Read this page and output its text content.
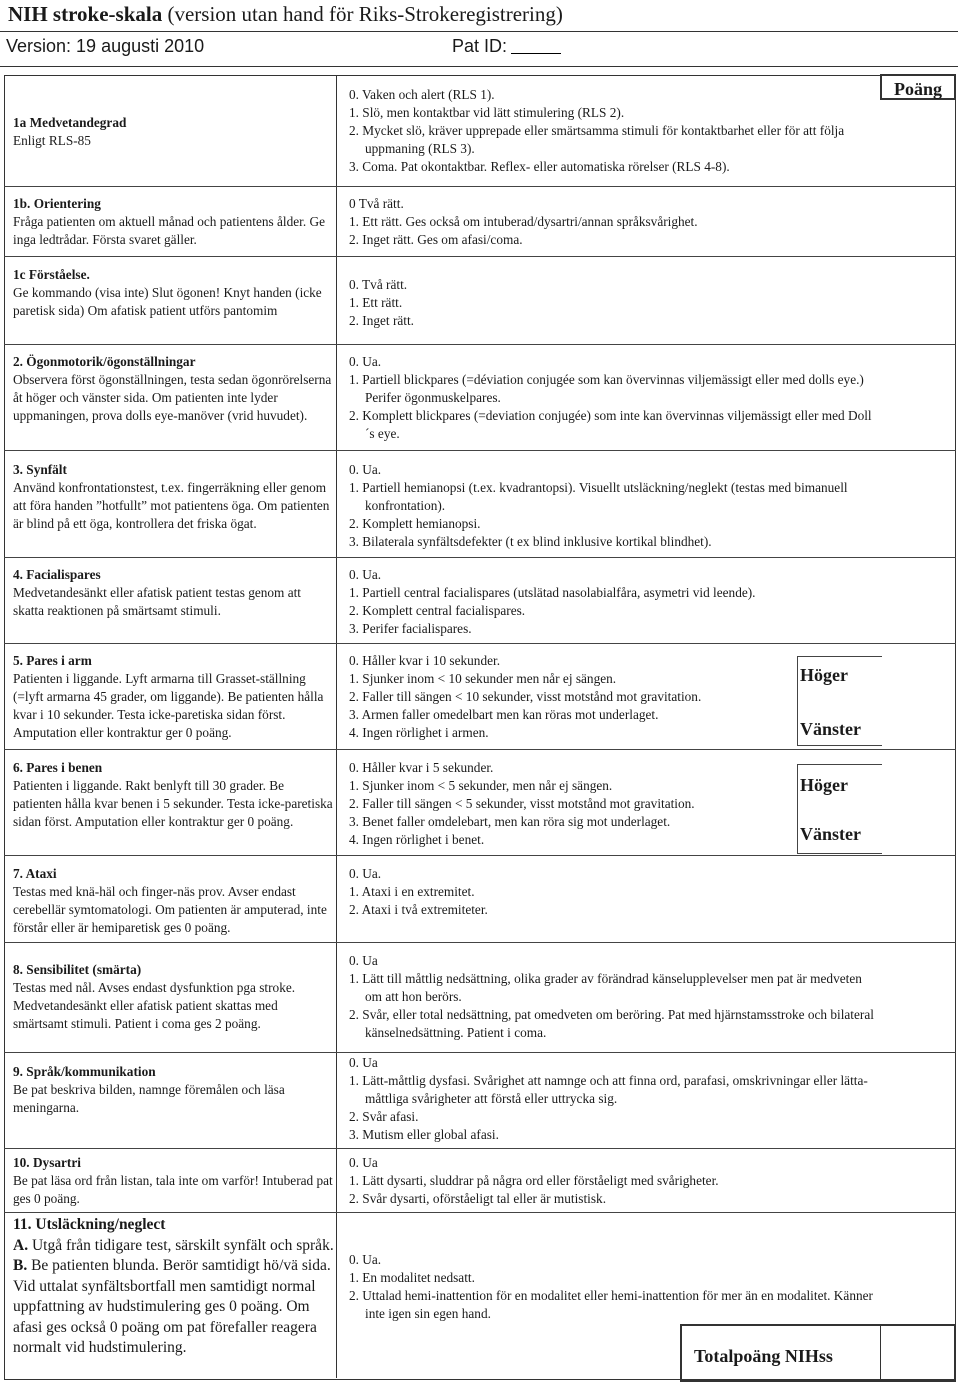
NIH stroke-skala (version utan hand för Riks-Strokeregistrering)
Version: 19 augusti 2010	Pat ID:
Poäng
1a Medvetandegrad
Enligt RLS-85
0. Vaken och alert (RLS 1).
1. Slö, men kontaktbar vid lätt stimulering (RLS 2).
2. Mycket slö, kräver upprepade eller smärtsamma stimuli för kontaktbarhet eller för att följa uppmaning (RLS 3).
3. Coma. Pat okontaktbar. Reflex- eller automatiska rörelser (RLS 4-8).
1b. Orientering
Fråga patienten om aktuell månad och patientens ålder. Ge inga ledtrådar. Första svaret gäller.
0 Två rätt.
1. Ett rätt. Ges också om intuberad/dysartri/annan språksvårighet.
2. Inget rätt. Ges om afasi/coma.
1c Förståelse.
Ge kommando (visa inte) Slut ögonen! Knyt handen (icke paretisk sida) Om afatisk patient utförs pantomim
0. Två rätt.
1. Ett rätt.
2. Inget rätt.
2. Ögonmotorik/ögonställningar
Observera först ögonställningen, testa sedan ögonrörelserna åt höger och vänster sida. Om patienten inte lyder uppmaningen, prova dolls eye-manöver (vrid huvudet).
0. Ua.
1. Partiell blickpares (=déviation conjugée som kan övervinnas viljemässigt eller med dolls eye.) Perifer ögonmuskelpares.
2. Komplett blickpares (=deviation conjugée) som inte kan övervinnas viljemässigt eller med Doll´s eye.
3. Synfält
Använd konfrontationstest, t.ex. fingerräkning eller genom att föra handen ”hotfullt” mot patientens öga. Om patienten är blind på ett öga, kontrollera det friska ögat.
0. Ua.
1. Partiell hemianopsi (t.ex. kvadrantopsi). Visuellt utsläckning/neglekt (testas med bimanuell konfrontation).
2. Komplett hemianopsi.
3. Bilaterala synfältsdefekter (t ex blind inklusive kortikal blindhet).
4. Facialispares
Medvetandesänkt eller afatisk patient testas genom att skatta reaktionen på smärtsamt stimuli.
0. Ua.
1. Partiell central facialispares (utslätad nasolabialfåra, asymetri vid leende).
2. Komplett central facialispares.
3. Perifer facialispares.
5. Pares i arm
Patienten i liggande. Lyft armarna till Grasset-ställning (=lyft armarna 45 grader, om liggande). Be patienten hålla kvar i 10 sekunder. Testa icke-paretiska sidan först. Amputation eller kontraktur ger 0 poäng.
0. Håller kvar i 10 sekunder.
1. Sjunker inom < 10 sekunder men når ej sängen.
2. Faller till sängen < 10 sekunder, visst motstånd mot gravitation.
3. Armen faller omedelbart men kan röras mot underlaget.
4. Ingen rörlighet i armen.
Höger
Vänster
6. Pares i benen
Patienten i liggande. Rakt benlyft till 30 grader. Be patienten hålla kvar benen i 5 sekunder. Testa icke-paretiska sidan först. Amputation eller kontraktur ger 0 poäng.
0. Håller kvar i 5 sekunder.
1. Sjunker inom < 5 sekunder, men når ej sängen.
2. Faller till sängen < 5 sekunder, visst motstånd mot gravitation.
3. Benet faller omdelebart, men kan röra sig mot underlaget.
4. Ingen rörlighet i benet.
Höger
Vänster
7. Ataxi
Testas med knä-häl och finger-näs prov. Avser endast cerebellär symtomatologi. Om patienten är amputerad, inte förstår eller är hemiparetisk ges 0 poäng.
0. Ua.
1. Ataxi i en extremitet.
2. Ataxi i två extremiteter.
8. Sensibilitet (smärta)
Testas med nål. Avses endast dysfunktion pga stroke. Medvetandesänkt eller afatisk patient skattas med smärtsamt stimuli. Patient i coma ges 2 poäng.
0. Ua
1. Lätt till måttlig nedsättning, olika grader av förändrad känselupplevelser men pat är medveten om att hon berörs.
2. Svår, eller total nedsättning, pat omedveten om beröring. Pat med hjärnstamsstroke och bilateral känselnedsättning. Patient i coma.
9. Språk/kommunikation
Be pat beskriva bilden, namnge föremålen och läsa meningarna.
0. Ua
1. Lätt-måttlig dysfasi. Svårighet att namnge och att finna ord, parafasi, omskrivningar eller lätta-måttliga svårigheter att förstå eller uttrycka sig.
2. Svår afasi.
3. Mutism eller global afasi.
10. Dysartri
Be pat läsa ord från listan, tala inte om varför! Intuberad pat ges 0 poäng.
0. Ua
1. Lätt dysarti, sluddrar på några ord eller förståeligt med svårigheter.
2. Svår dysarti, oförståeligt tal eller är mutistisk.
11. Utsläckning/neglect
A. Utgå från tidigare test, särskilt synfält och språk. B. Be patienten blunda. Berör samtidigt hö/vä sida. Vid uttalat synfältsbortfall men samtidigt normal uppfattning av hudstimulering ges 0 poäng. Om afasi ges också 0 poäng om pat förefaller reagera normalt vid hudstimulering.
0. Ua.
1. En modalitet nedsatt.
2. Uttalad hemi-inattention för en modalitet eller hemi-inattention för mer än en modalitet. Känner inte igen sin egen hand.
Totalpoäng NIHss
